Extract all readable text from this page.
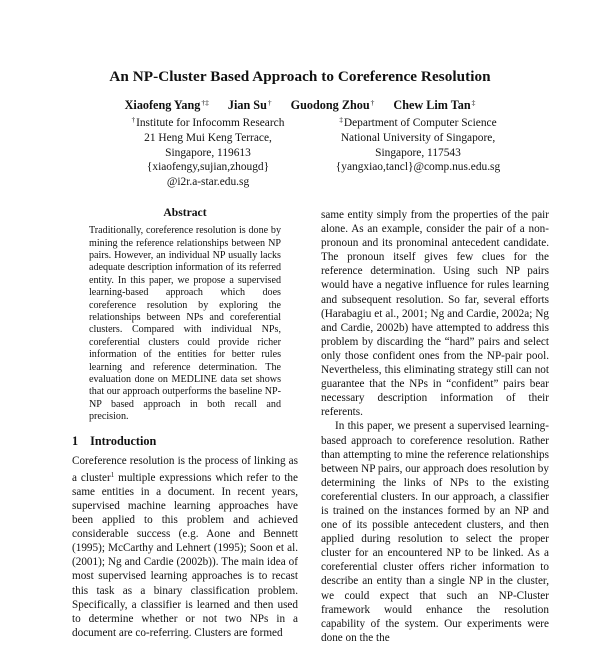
An NP-Cluster Based Approach to Coreference Resolution
Xiaofeng Yang†‡ Jian Su† Guodong Zhou† Chew Lim Tan‡
†Institute for Infocomm Research
21 Heng Mui Keng Terrace,
Singapore, 119613
{xiaofengy,sujian,zhougd}
@i2r.a-star.edu.sg
‡Department of Computer Science
National University of Singapore,
Singapore, 117543
{yangxiao,tancl}@comp.nus.edu.sg
Abstract

Traditionally, coreference resolution is done by mining the reference relationships between NP pairs. However, an individual NP usually lacks adequate description information of its referred entity. In this paper, we propose a supervised learning-based approach which does coreference resolution by exploring the relationships between NPs and coreferential clusters. Compared with individual NPs, coreferential clusters could provide richer information of the entities for better rules learning and reference determination. The evaluation done on MEDLINE data set shows that our approach outperforms the baseline NP-NP based approach in both recall and precision.

1 Introduction

Coreference resolution is the process of linking as a cluster$^1$ multiple expressions which refer to the same entities in a document. In recent years, supervised machine learning approaches have been applied to this problem and achieved considerable success (e.g. Aone and Bennett (1995); McCarthy and Lehnert (1995); Soon et al. (2001); Ng and Cardie (2002b)). The main idea of most supervised learning approaches is to recast this task as a binary classification problem. Specifically, a classifier is learned and then used to determine whether or not two NPs in a document are co-referring. Clusters are formed

same entity simply from the properties of the pair alone. As an example, consider the pair of a non-pronoun and its pronominal antecedent candidate. The pronoun itself gives few clues for the reference determination. Using such NP pairs would have a negative influence for rules learning and subsequent resolution. So far, several efforts (Harabagiu et al., 2001; Ng and Cardie, 2002a; Ng and Cardie, 2002b) have attempted to address this problem by discarding the “hard” pairs and select only those confident ones from the NP-pair pool. Nevertheless, this eliminating strategy still can not guarantee that the NPs in “confident” pairs bear necessary description information of their referents.

In this paper, we present a supervised learning-based approach to coreference resolution. Rather than attempting to mine the reference relationships between NP pairs, our approach does resolution by determining the links of NPs to the existing coreferential clusters. In our approach, a classifier is trained on the instances formed by an NP and one of its possible antecedent clusters, and then applied during resolution to select the proper cluster for an encountered NP to be linked. As a coreferential cluster offers richer information to describe an entity than a single NP in the cluster, we could expect that such an NP-Cluster framework would enhance the resolution capability of the system. Our experiments were done on the the
